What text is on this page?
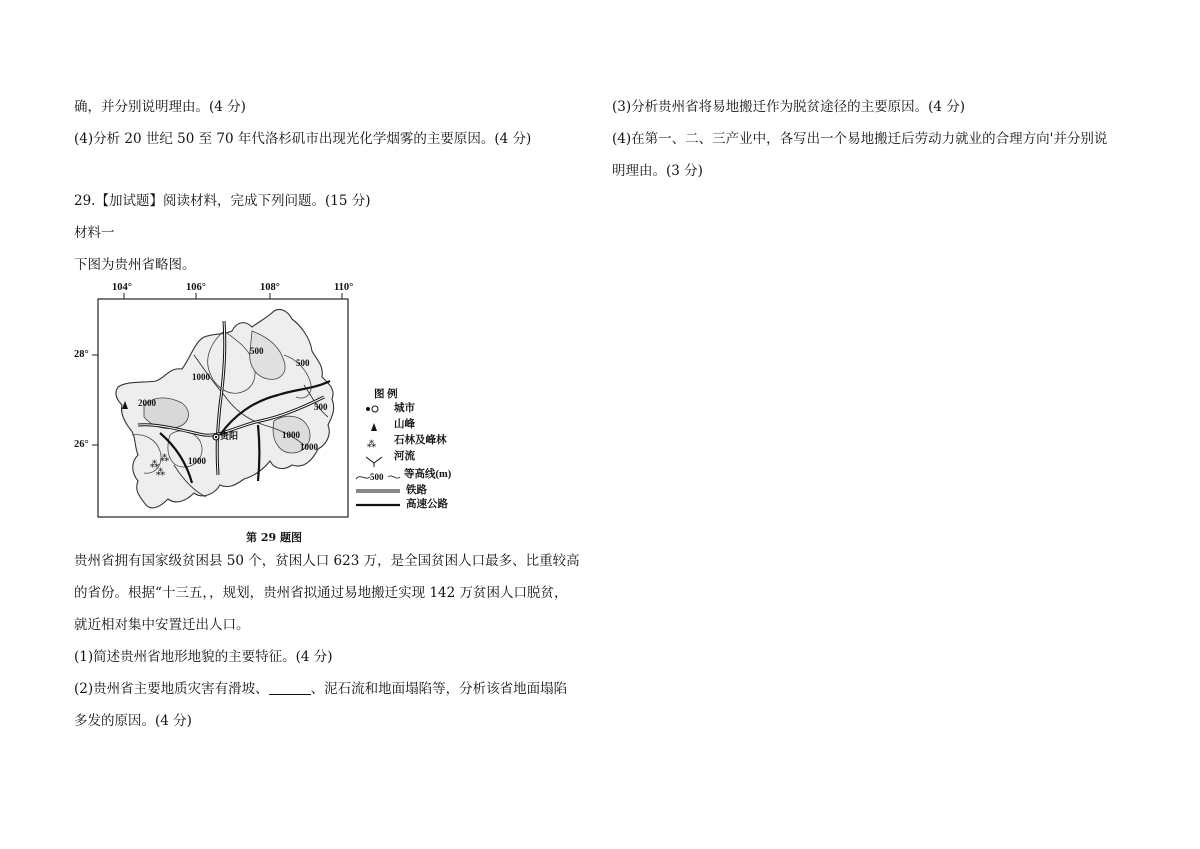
确，并分别说明理由。(4 分)
(4)分析 20 世纪 50 至 70 年代洛杉矶市出现光化学烟雾的主要原因。(4 分)
29.【加试题】阅读材料，完成下列问题。(15 分)
材料一
下图为贵州省略图。
贵州省拥有国家级贫困县 50 个，贫困人口 623 万，是全国贫困人口最多、比重较高
的省份。根据“十三五，，规划，贵州省拟通过易地搬迁实现 142 万贫困人口脱贫，
就近相对集中安置迁出人口。
(1)简述贵州省地形地貌的主要特征。(4 分)
(2)贵州省主要地质灾害有滑坡、	、泥石流和地面塌陷等，分析该省地面塌陷
多发的原因。(4 分)
(3)分析贵州省将易地搬迁作为脱贫途径的主要原因。(4 分)
(4)在第一、二、三产业中，各写出一个易地搬迁后劳动力就业的合理方向'并分别说
明理由。(3 分)
⁂
⁂
⁂
⁂
104°	106°	108°	110°
28°
26°
1000
500
500
500
2000
1000
1000
1000
贵阳
图 例
城市
山峰
石林及峰林
河流
500 等高线(m)
铁路
高速公路
第 29 题图
